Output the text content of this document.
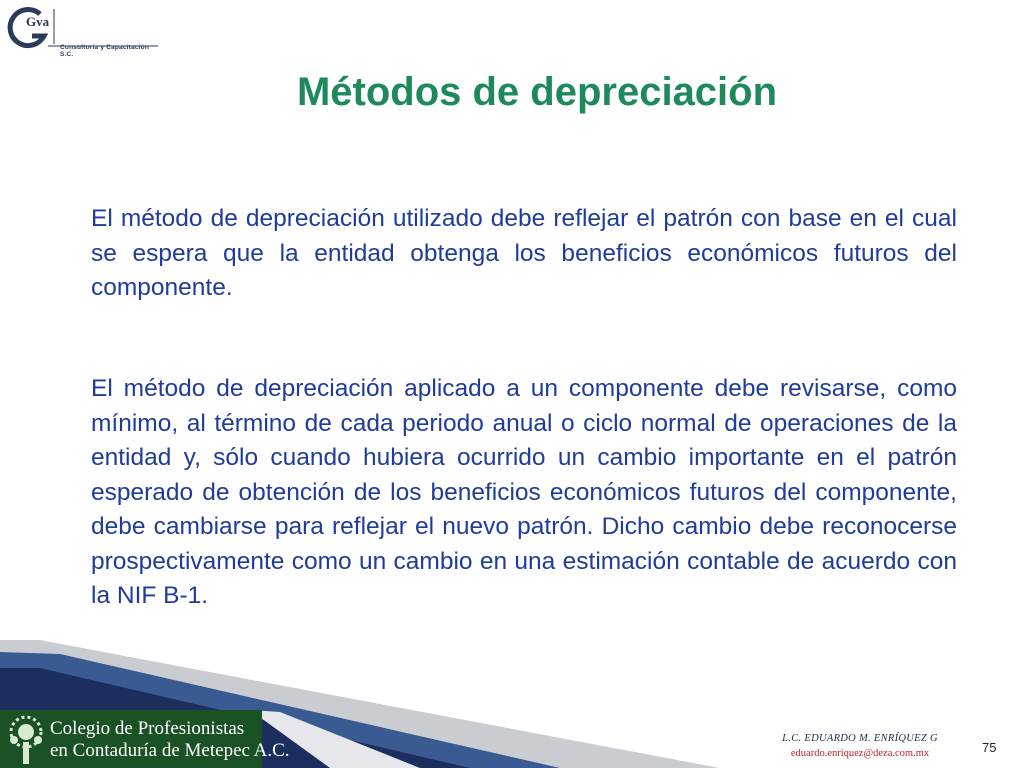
Gva
Consultoría y Capacitación S.C.
Métodos de depreciación

El método de depreciación utilizado debe reflejar el patrón con base en el cual se espera que la entidad obtenga los beneficios económicos futuros del componente.

El método de depreciación aplicado a un componente debe revisarse, como mínimo, al término de cada periodo anual o ciclo normal de operaciones de la entidad y, sólo cuando hubiera ocurrido un cambio importante en el patrón esperado de obtención de los beneficios económicos futuros del componente, debe cambiarse para reflejar el nuevo patrón. Dicho cambio debe reconocerse prospectivamente como un cambio en una estimación contable de acuerdo con la NIF B-1.

Colegio de Profesionistas
en Contaduría de Metepec A.C.
L.C. EDUARDO M. ENRÍQUEZ G
eduardo.enriquez@deza.com.mx	75
